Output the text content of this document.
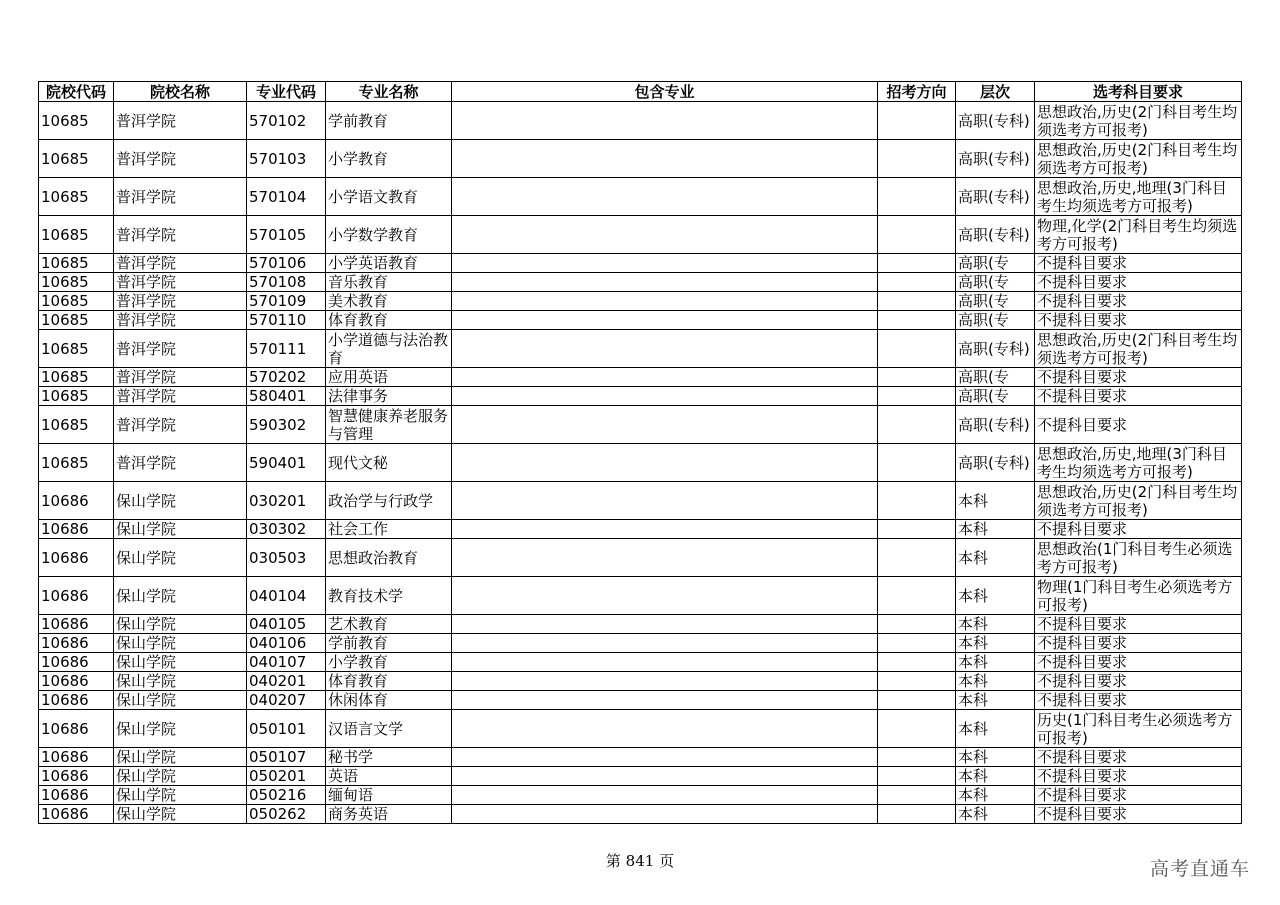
院校代码	院校名称	专业代码	专业名称	包含专业	招考方向	层次	选考科目要求
10685	普洱学院	570102	学前教育			高职(专科)	思想政治,历史(2门科目考生均须选考方可报考)
10685	普洱学院	570103	小学教育			高职(专科)	思想政治,历史(2门科目考生均须选考方可报考)
10685	普洱学院	570104	小学语文教育			高职(专科)	思想政治,历史,地理(3门科目考生均须选考方可报考)
10685	普洱学院	570105	小学数学教育			高职(专科)	物理,化学(2门科目考生均须选考方可报考)
10685	普洱学院	570106	小学英语教育			高职(专	不提科目要求
10685	普洱学院	570108	音乐教育			高职(专	不提科目要求
10685	普洱学院	570109	美术教育			高职(专	不提科目要求
10685	普洱学院	570110	体育教育			高职(专	不提科目要求
10685	普洱学院	570111	小学道德与法治教育			高职(专科)	思想政治,历史(2门科目考生均须选考方可报考)
10685	普洱学院	570202	应用英语			高职(专	不提科目要求
10685	普洱学院	580401	法律事务			高职(专	不提科目要求
10685	普洱学院	590302	智慧健康养老服务与管理			高职(专科)	不提科目要求
10685	普洱学院	590401	现代文秘			高职(专科)	思想政治,历史,地理(3门科目考生均须选考方可报考)
10686	保山学院	030201	政治学与行政学			本科	思想政治,历史(2门科目考生均须选考方可报考)
10686	保山学院	030302	社会工作			本科	不提科目要求
10686	保山学院	030503	思想政治教育			本科	思想政治(1门科目考生必须选考方可报考)
10686	保山学院	040104	教育技术学			本科	物理(1门科目考生必须选考方可报考)
10686	保山学院	040105	艺术教育			本科	不提科目要求
10686	保山学院	040106	学前教育			本科	不提科目要求
10686	保山学院	040107	小学教育			本科	不提科目要求
10686	保山学院	040201	体育教育			本科	不提科目要求
10686	保山学院	040207	休闲体育			本科	不提科目要求
10686	保山学院	050101	汉语言文学			本科	历史(1门科目考生必须选考方可报考)
10686	保山学院	050107	秘书学			本科	不提科目要求
10686	保山学院	050201	英语			本科	不提科目要求
10686	保山学院	050216	缅甸语			本科	不提科目要求
10686	保山学院	050262	商务英语			本科	不提科目要求
第 841 页	高考直通车
